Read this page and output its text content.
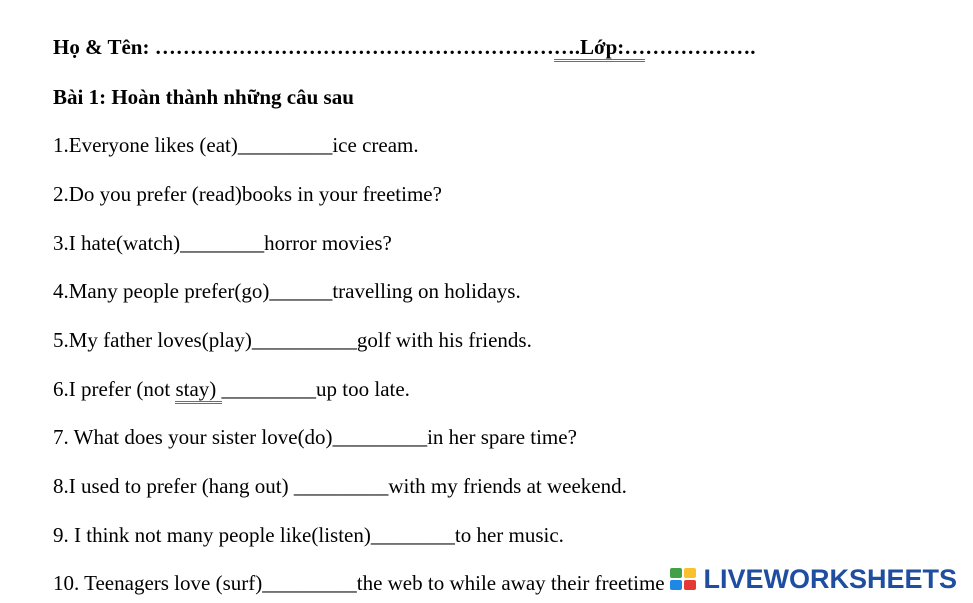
Họ & Tên: …………………………………………………….Lớp:……………….
Bài 1: Hoàn thành những câu sau
1.Everyone likes (eat)_________ice cream.
2.Do you prefer (read)books in your freetime?
3.I hate(watch)________horror movies?
4.Many people prefer(go)______travelling on holidays.
5.My father loves(play)__________golf with his friends.
6.I prefer (not stay) _________up too late.
7. What does your sister love(do)_________in her spare time?
8.I used to prefer (hang out) _________with my friends at weekend.
9. I think not many people like(listen)________to her music.
10. Teenagers love (surf)_________the web to while away their freetime LIVEWORKSHEETS
